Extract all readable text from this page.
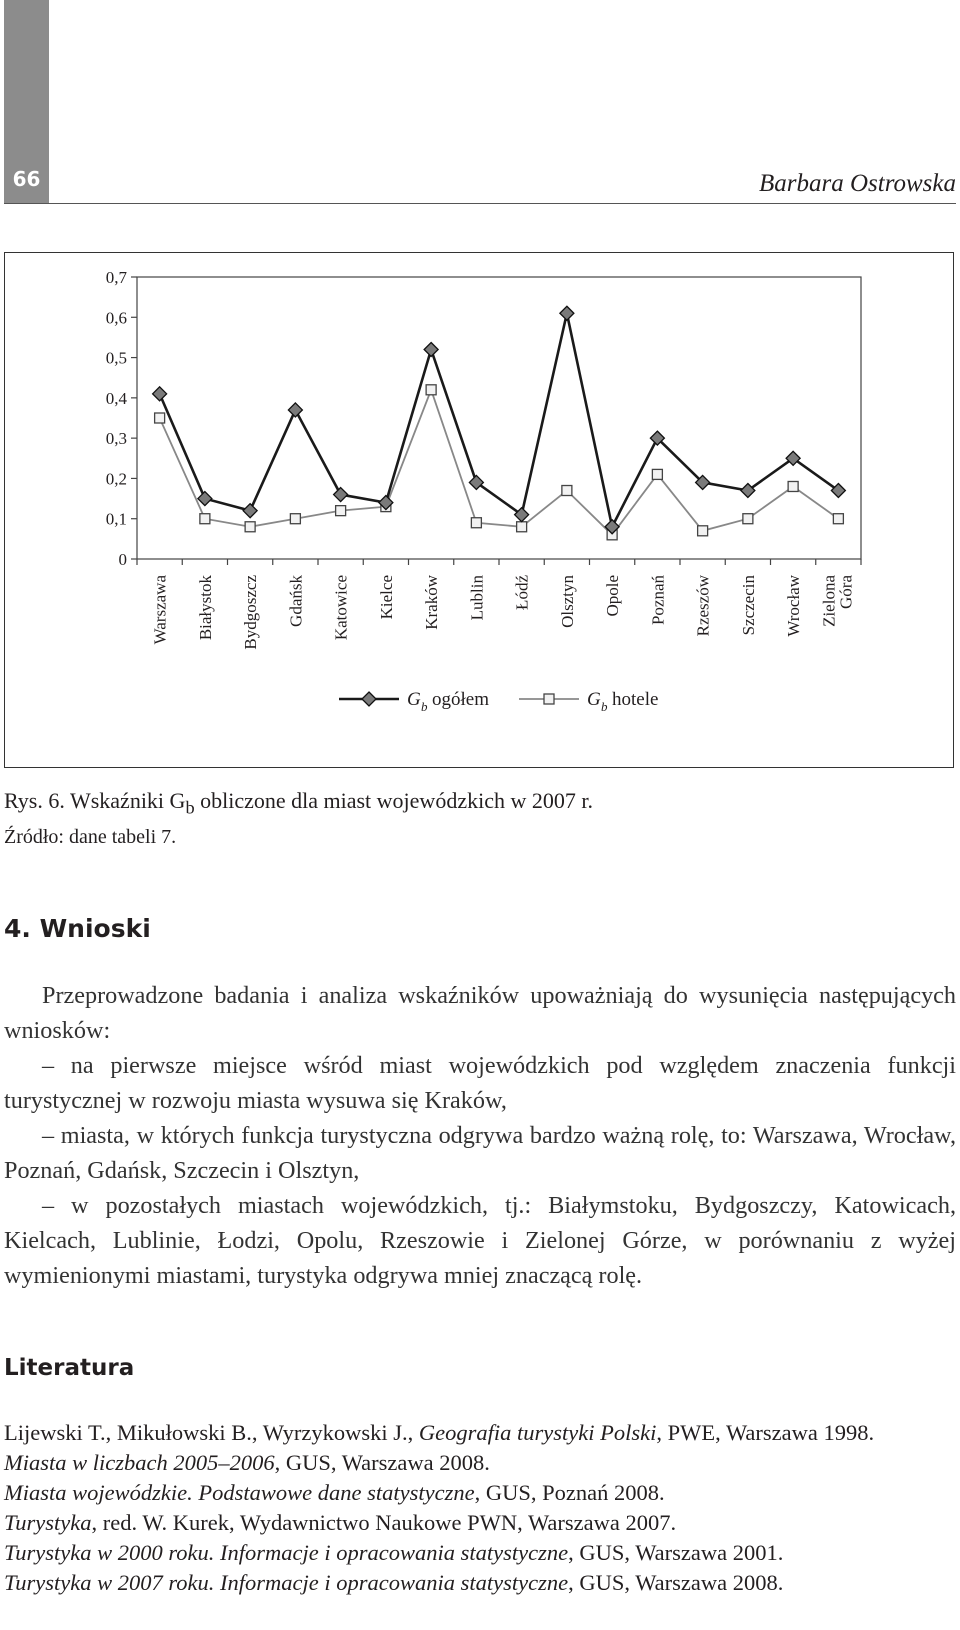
66	Barbara Ostrowska
0
0,1
0,2
0,3
0,4
0,5
0,6
0,7
Warszawa Białystok Bydgoszcz Gdańsk Katowice Kielce Kraków Lublin Łódź Olsztyn Opole Poznań Rzeszów Szczecin Wrocław Zielona
Góra
G b ogółem	G b hotele
Rys. 6. Wskaźniki $G_b$ obliczone dla miast wojewódzkich w 2007 r.
Źródło: dane tabeli 7.
4. Wnioski

Przeprowadzone badania i analiza wskaźników upoważniają do wysunięcia następujących wniosków:

– na pierwsze miejsce wśród miast wojewódzkich pod względem znaczenia funkcji turystycznej w rozwoju miasta wysuwa się Kraków,

– miasta, w których funkcja turystyczna odgrywa bardzo ważną rolę, to: Warszawa, Wrocław, Poznań, Gdańsk, Szczecin i Olsztyn,

– w pozostałych miastach wojewódzkich, tj.: Białymstoku, Bydgoszczy, Katowicach, Kielcach, Lublinie, Łodzi, Opolu, Rzeszowie i Zielonej Górze, w porównaniu z wyżej wymienionymi miastami, turystyka odgrywa mniej znaczącą rolę.

Literatura

Lijewski T., Mikułowski B., Wyrzykowski J., Geografia turystyki Polski, PWE, Warszawa 1998.

Miasta w liczbach 2005–2006, GUS, Warszawa 2008.

Miasta wojewódzkie. Podstawowe dane statystyczne, GUS, Poznań 2008.

Turystyka, red. W. Kurek, Wydawnictwo Naukowe PWN, Warszawa 2007.

Turystyka w 2000 roku. Informacje i opracowania statystyczne, GUS, Warszawa 2001.

Turystyka w 2007 roku. Informacje i opracowania statystyczne, GUS, Warszawa 2008.
